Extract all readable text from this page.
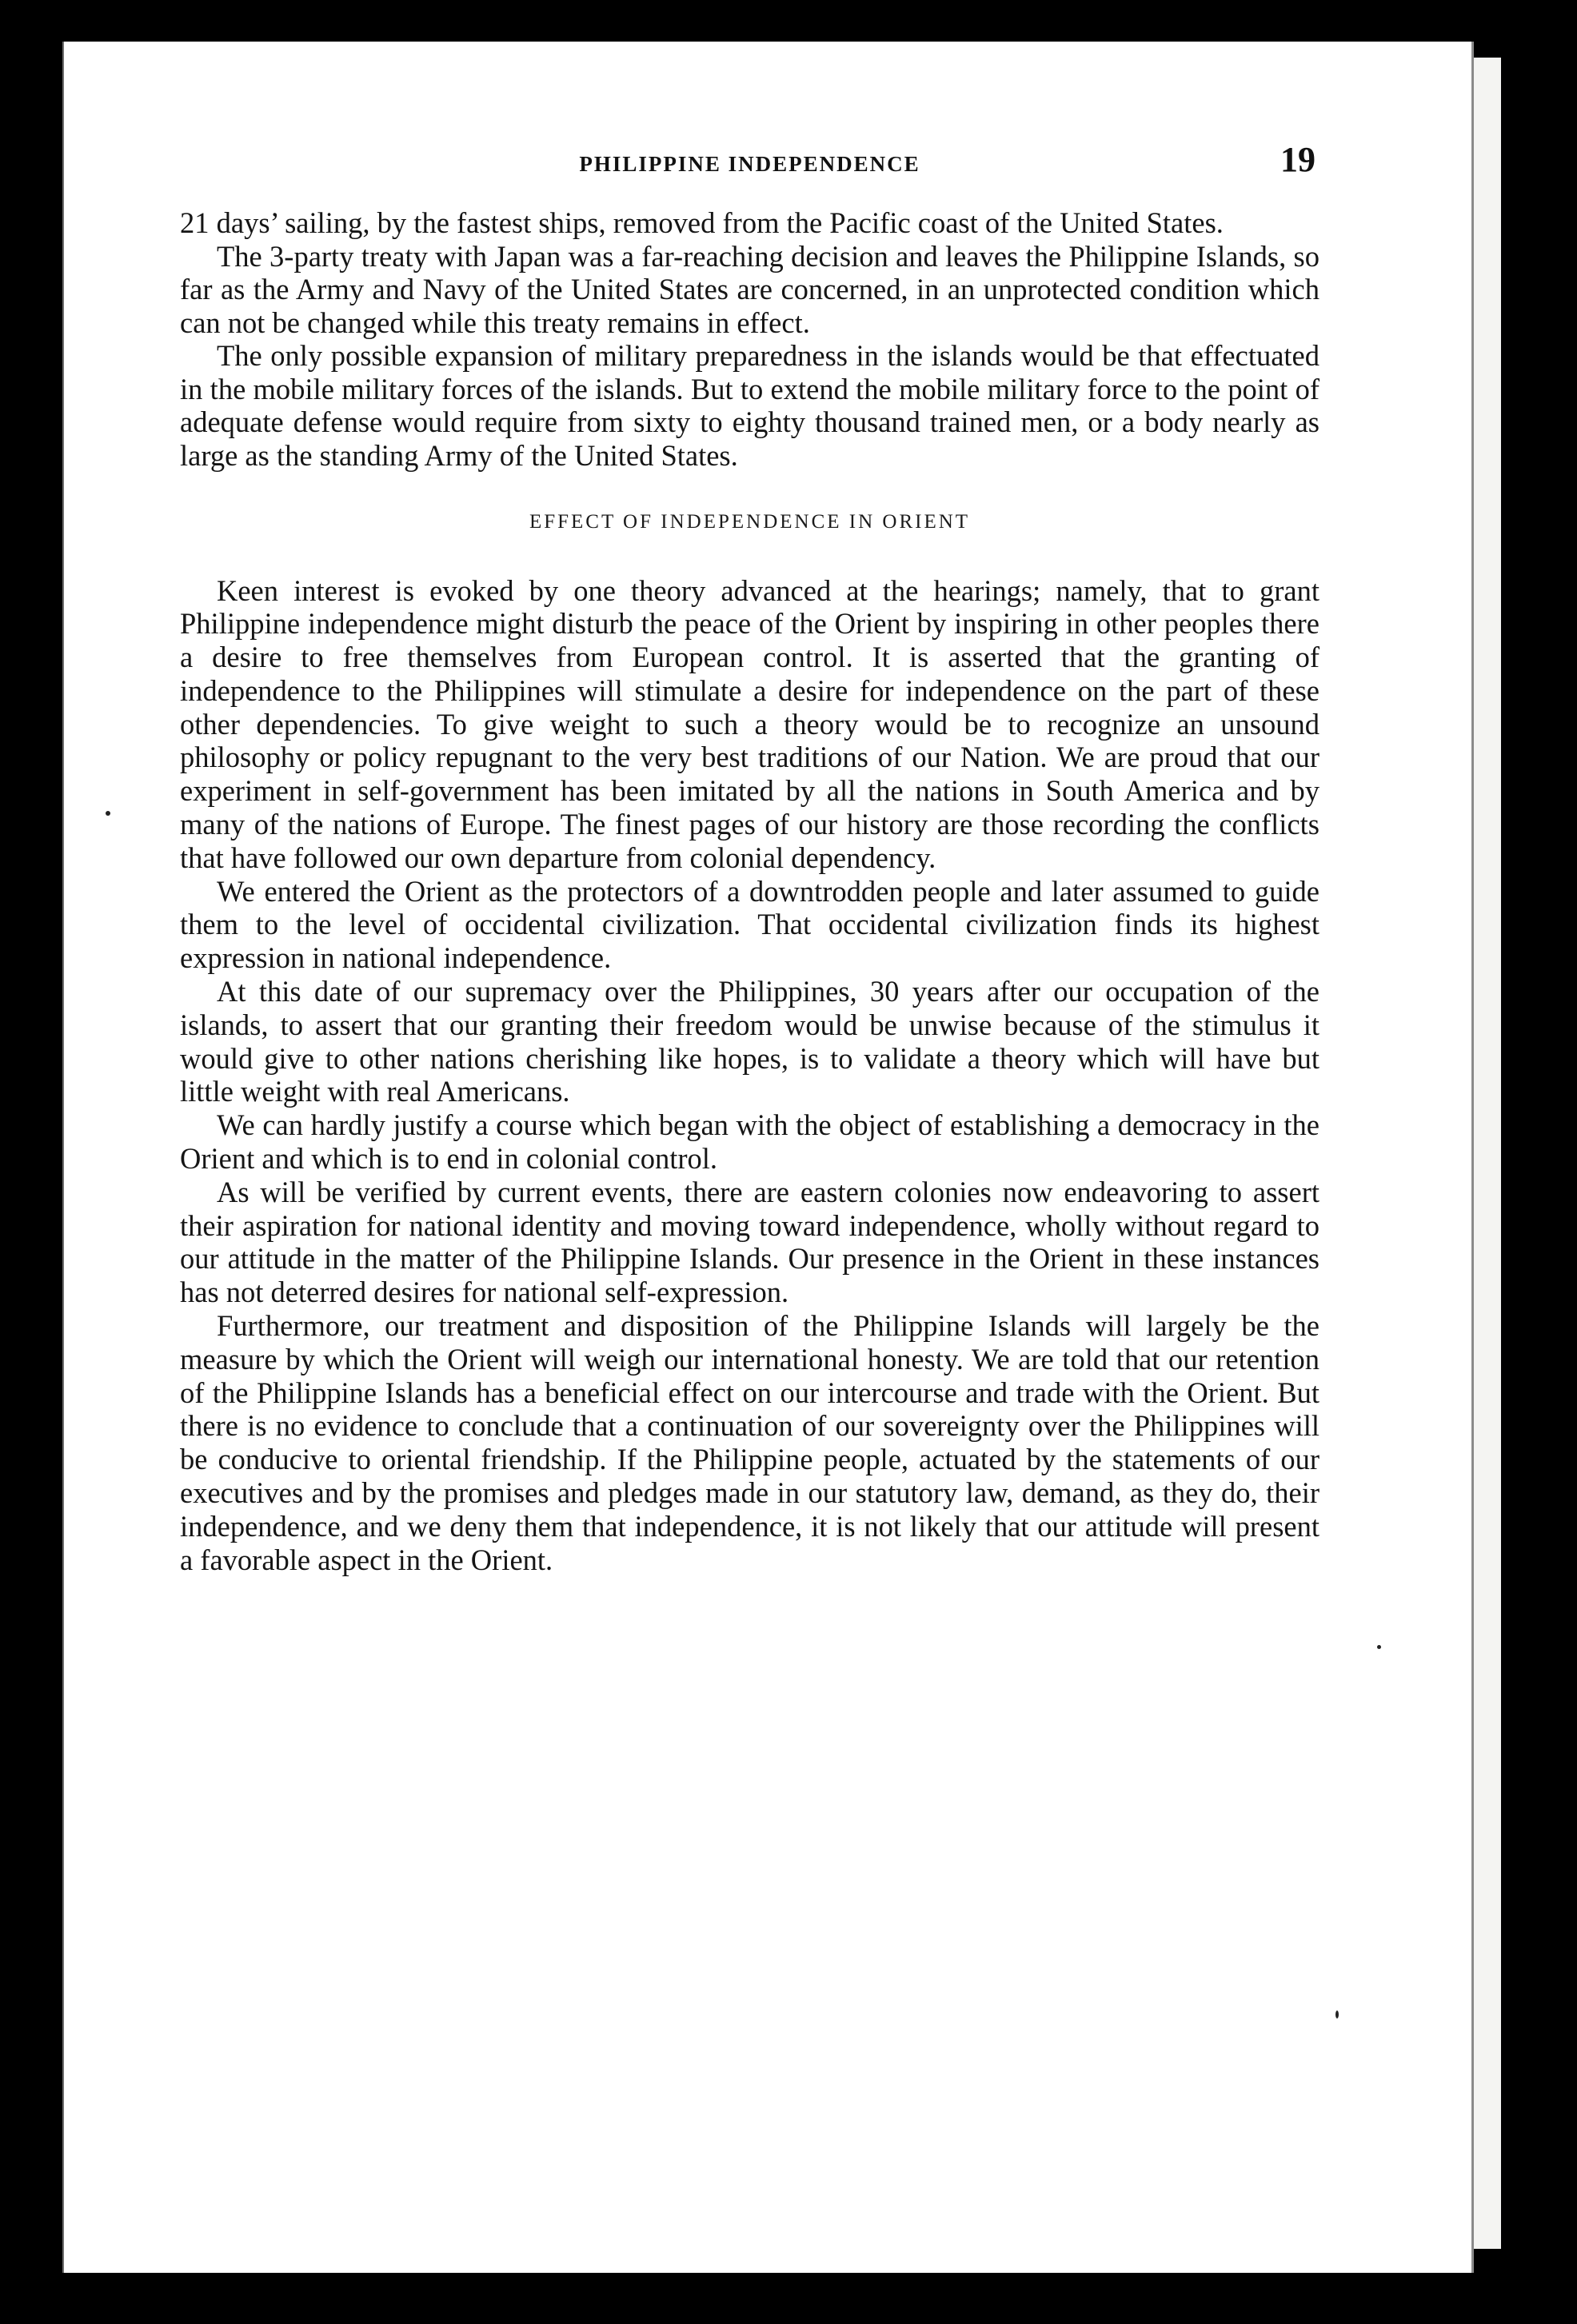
PHILIPPINE INDEPENDENCE	19

21 days’ sailing, by the fastest ships, removed from the Pacific coast of the United States.

The 3-party treaty with Japan was a far-reaching decision and leaves the Philippine Islands, so far as the Army and Navy of the United States are concerned, in an unprotected condition which can not be changed while this treaty remains in effect.

The only possible expansion of military preparedness in the islands would be that effectuated in the mobile military forces of the islands. But to extend the mobile military force to the point of adequate defense would require from sixty to eighty thousand trained men, or a body nearly as large as the standing Army of the United States.

EFFECT OF INDEPENDENCE IN ORIENT

Keen interest is evoked by one theory advanced at the hearings; namely, that to grant Philippine independence might disturb the peace of the Orient by inspiring in other peoples there a desire to free themselves from European control. It is asserted that the granting of independence to the Philippines will stimulate a desire for independence on the part of these other dependencies. To give weight to such a theory would be to recognize an unsound philosophy or policy repugnant to the very best traditions of our Nation. We are proud that our experiment in self-government has been imitated by all the nations in South America and by many of the nations of Europe. The finest pages of our history are those recording the conflicts that have followed our own departure from colonial dependency.

We entered the Orient as the protectors of a downtrodden people and later assumed to guide them to the level of occidental civilization. That occidental civilization finds its highest expression in national independence.

At this date of our supremacy over the Philippines, 30 years after our occupation of the islands, to assert that our granting their freedom would be unwise because of the stimulus it would give to other nations cherishing like hopes, is to validate a theory which will have but little weight with real Americans.

We can hardly justify a course which began with the object of establishing a democracy in the Orient and which is to end in colonial control.

As will be verified by current events, there are eastern colonies now endeavoring to assert their aspiration for national identity and moving toward independence, wholly without regard to our attitude in the matter of the Philippine Islands. Our presence in the Orient in these instances has not deterred desires for national self-expression.

Furthermore, our treatment and disposition of the Philippine Islands will largely be the measure by which the Orient will weigh our international honesty. We are told that our retention of the Philippine Islands has a beneficial effect on our intercourse and trade with the Orient. But there is no evidence to conclude that a continuation of our sovereignty over the Philippines will be conducive to oriental friendship. If the Philippine people, actuated by the statements of our executives and by the promises and pledges made in our statutory law, demand, as they do, their independence, and we deny them that independence, it is not likely that our attitude will present a favorable aspect in the Orient.
